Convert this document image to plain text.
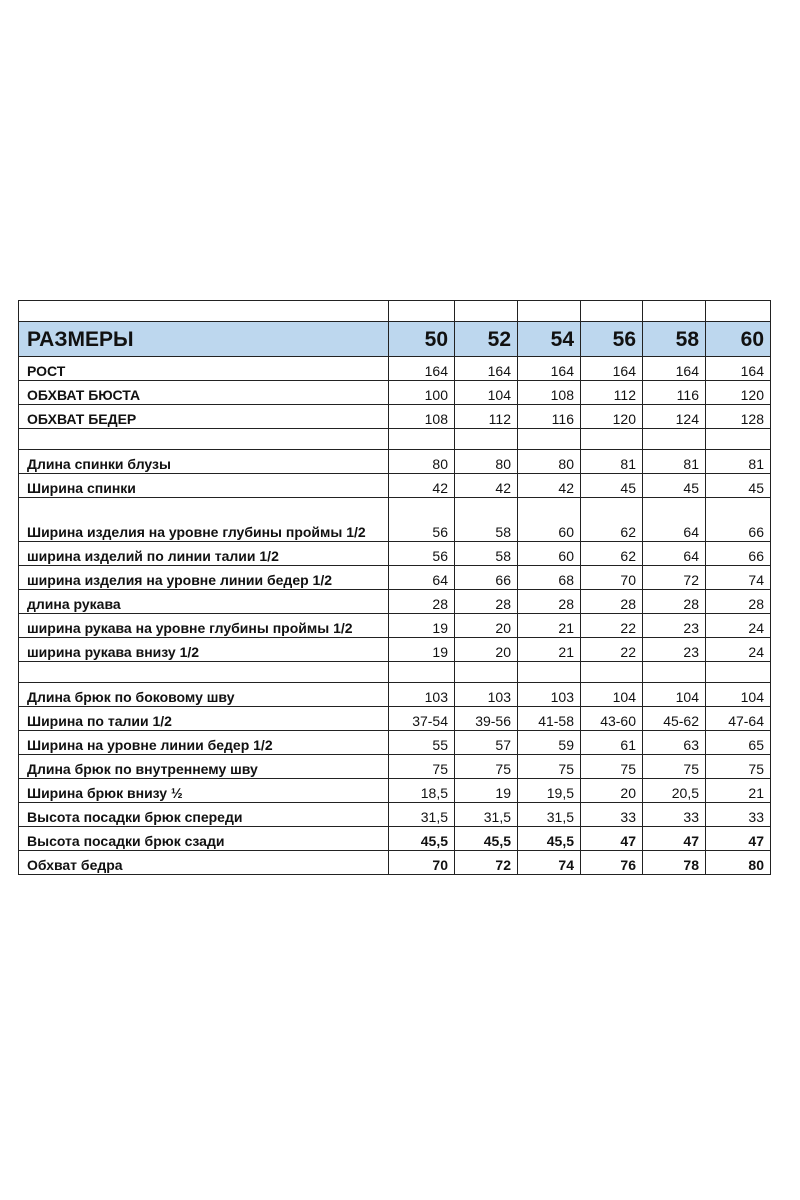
РАЗМЕРЫ	50	52	54	56	58	60
РОСТ	164	164	164	164	164	164
ОБХВАТ БЮСТА	100	104	108	112	116	120
ОБХВАТ БЕДЕР	108	112	116	120	124	128

Длина спинки блузы	80	80	80	81	81	81
Ширина спинки	42	42	42	45	45	45
Ширина изделия на уровне глубины проймы 1/2	56	58	60	62	64	66
ширина изделий по линии талии 1/2	56	58	60	62	64	66
ширина изделия на уровне линии бедер 1/2	64	66	68	70	72	74
длина рукава	28	28	28	28	28	28
ширина рукава на уровне глубины проймы 1/2	19	20	21	22	23	24
ширина рукава внизу 1/2	19	20	21	22	23	24

Длина брюк по боковому шву	103	103	103	104	104	104
Ширина по талии 1/2	37-54	39-56	41-58	43-60	45-62	47-64
Ширина на уровне линии бедер 1/2	55	57	59	61	63	65
Длина брюк по внутреннему шву	75	75	75	75	75	75
Ширина брюк внизу ½	18,5	19	19,5	20	20,5	21
Высота посадки брюк спереди	31,5	31,5	31,5	33	33	33
Высота посадки брюк сзади	45,5	45,5	45,5	47	47	47
Обхват бедра	70	72	74	76	78	80
